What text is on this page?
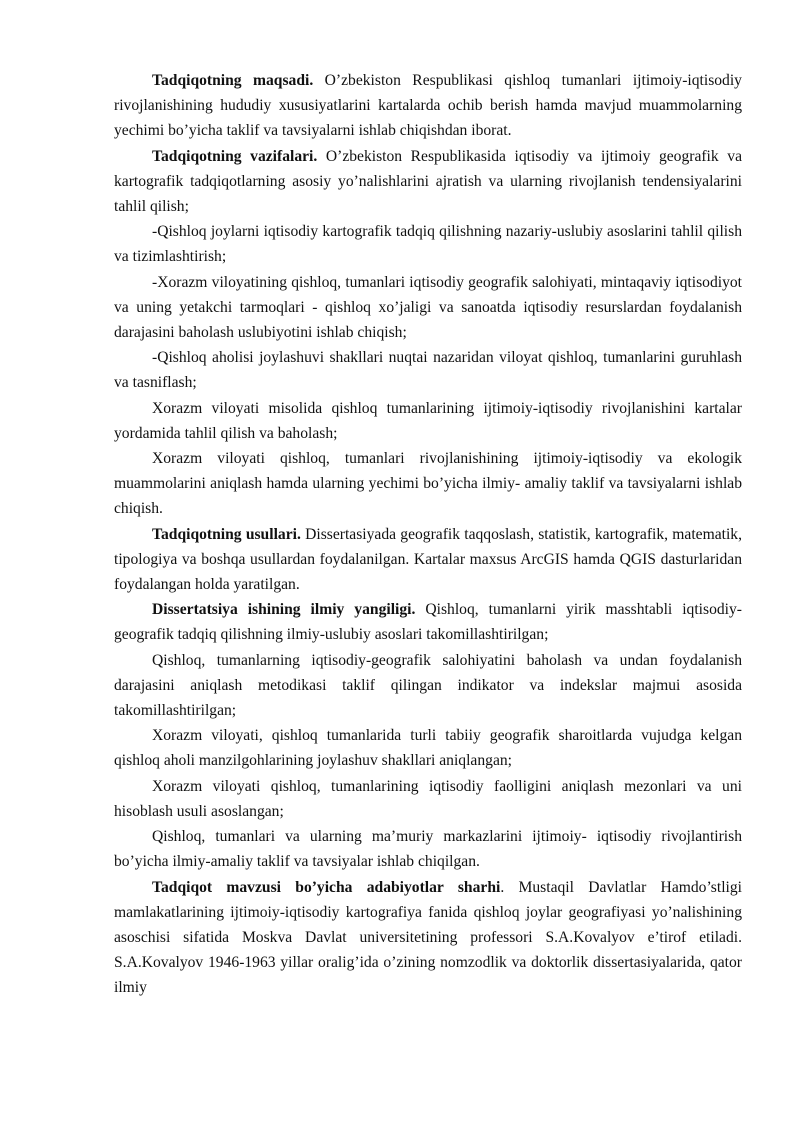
Tadqiqotning maqsadi. O’zbekiston Respublikasi qishloq tumanlari ijtimoiy-iqtisodiy rivojlanishining hududiy xususiyatlarini kartalarda ochib berish hamda mavjud muammolarning yechimi bo’yicha taklif va tavsiyalarni ishlab chiqishdan iborat.

Tadqiqotning vazifalari. O’zbekiston Respublikasida iqtisodiy va ijtimoiy geografik va kartografik tadqiqotlarning asosiy yo’nalishlarini ajratish va ularning rivojlanish tendensiyalarini tahlil qilish;

-Qishloq joylarni iqtisodiy kartografik tadqiq qilishning nazariy-uslubiy asoslarini tahlil qilish va tizimlashtirish;

-Xorazm viloyatining qishloq, tumanlari iqtisodiy geografik salohiyati, mintaqaviy iqtisodiyot va uning yetakchi tarmoqlari - qishloq xo’jaligi va sanoatda iqtisodiy resurslardan foydalanish darajasini baholash uslubiyotini ishlab chiqish;

-Qishloq aholisi joylashuvi shakllari nuqtai nazaridan viloyat qishloq, tumanlarini guruhlash va tasniflash;

Xorazm viloyati misolida qishloq tumanlarining ijtimoiy-iqtisodiy rivojlanishini kartalar yordamida tahlil qilish va baholash;

Xorazm viloyati qishloq, tumanlari rivojlanishining ijtimoiy-iqtisodiy va ekologik muammolarini aniqlash hamda ularning yechimi bo’yicha ilmiy- amaliy taklif va tavsiyalarni ishlab chiqish.

Tadqiqotning usullari. Dissertasiyada geografik taqqoslash, statistik, kartografik, matematik, tipologiya va boshqa usullardan foydalanilgan. Kartalar maxsus ArcGIS hamda QGIS dasturlaridan foydalangan holda yaratilgan.

Dissertatsiya ishining ilmiy yangiligi. Qishloq, tumanlarni yirik masshtabli iqtisodiy-geografik tadqiq qilishning ilmiy-uslubiy asoslari takomillashtirilgan;

Qishloq, tumanlarning iqtisodiy-geografik salohiyatini baholash va undan foydalanish darajasini aniqlash metodikasi taklif qilingan indikator va indekslar majmui asosida takomillashtirilgan;

Xorazm viloyati, qishloq tumanlarida turli tabiiy geografik sharoitlarda vujudga kelgan qishloq aholi manzilgohlarining joylashuv shakllari aniqlangan;

Xorazm viloyati qishloq, tumanlarining iqtisodiy faolligini aniqlash mezonlari va uni hisoblash usuli asoslangan;

Qishloq, tumanlari va ularning ma’muriy markazlarini ijtimoiy- iqtisodiy rivojlantirish bo’yicha ilmiy-amaliy taklif va tavsiyalar ishlab chiqilgan.

Tadqiqot mavzusi bo’yicha adabiyotlar sharhi. Mustaqil Davlatlar Hamdo’stligi mamlakatlarining ijtimoiy-iqtisodiy kartografiya fanida qishloq joylar geografiyasi yo’nalishining asoschisi sifatida Moskva Davlat universitetining professori S.A.Kovalyov e’tirof etiladi. S.A.Kovalyov 1946-1963 yillar oralig’ida o’zining nomzodlik va doktorlik dissertasiyalarida, qator ilmiy
